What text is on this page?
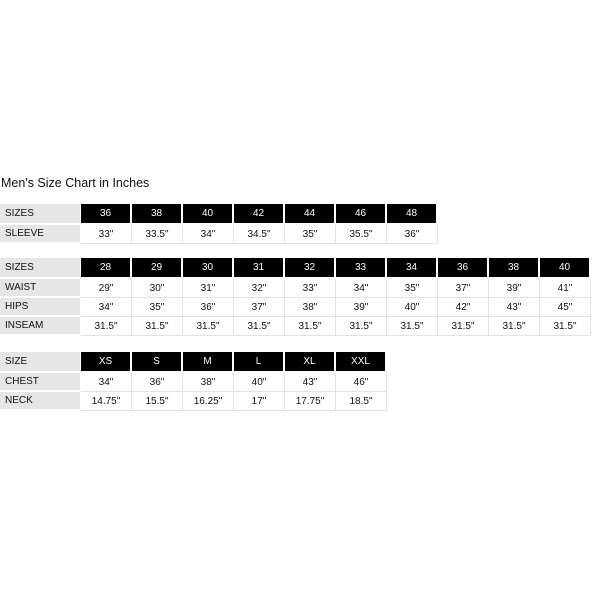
Men's Size Chart in Inches
SIZES	36	38	40	42	44	46	48
SLEEVE	33"	33.5"	34"	34.5"	35"	35.5"	36"
SIZES	28	29	30	31	32	33	34	36	38	40
WAIST	29"	30"	31"	32"	33"	34"	35"	37"	39"	41"
HIPS	34"	35"	36"	37"	38"	39"	40"	42"	43"	45"
INSEAM	31.5"	31.5"	31.5"	31.5"	31.5"	31.5"	31.5"	31.5"	31.5"	31.5"
SIZE	XS	S	M	L	XL	XXL
CHEST	34"	36"	38"	40"	43"	46"
NECK	14.75"	15.5"	16.25"	17"	17.75"	18.5"
